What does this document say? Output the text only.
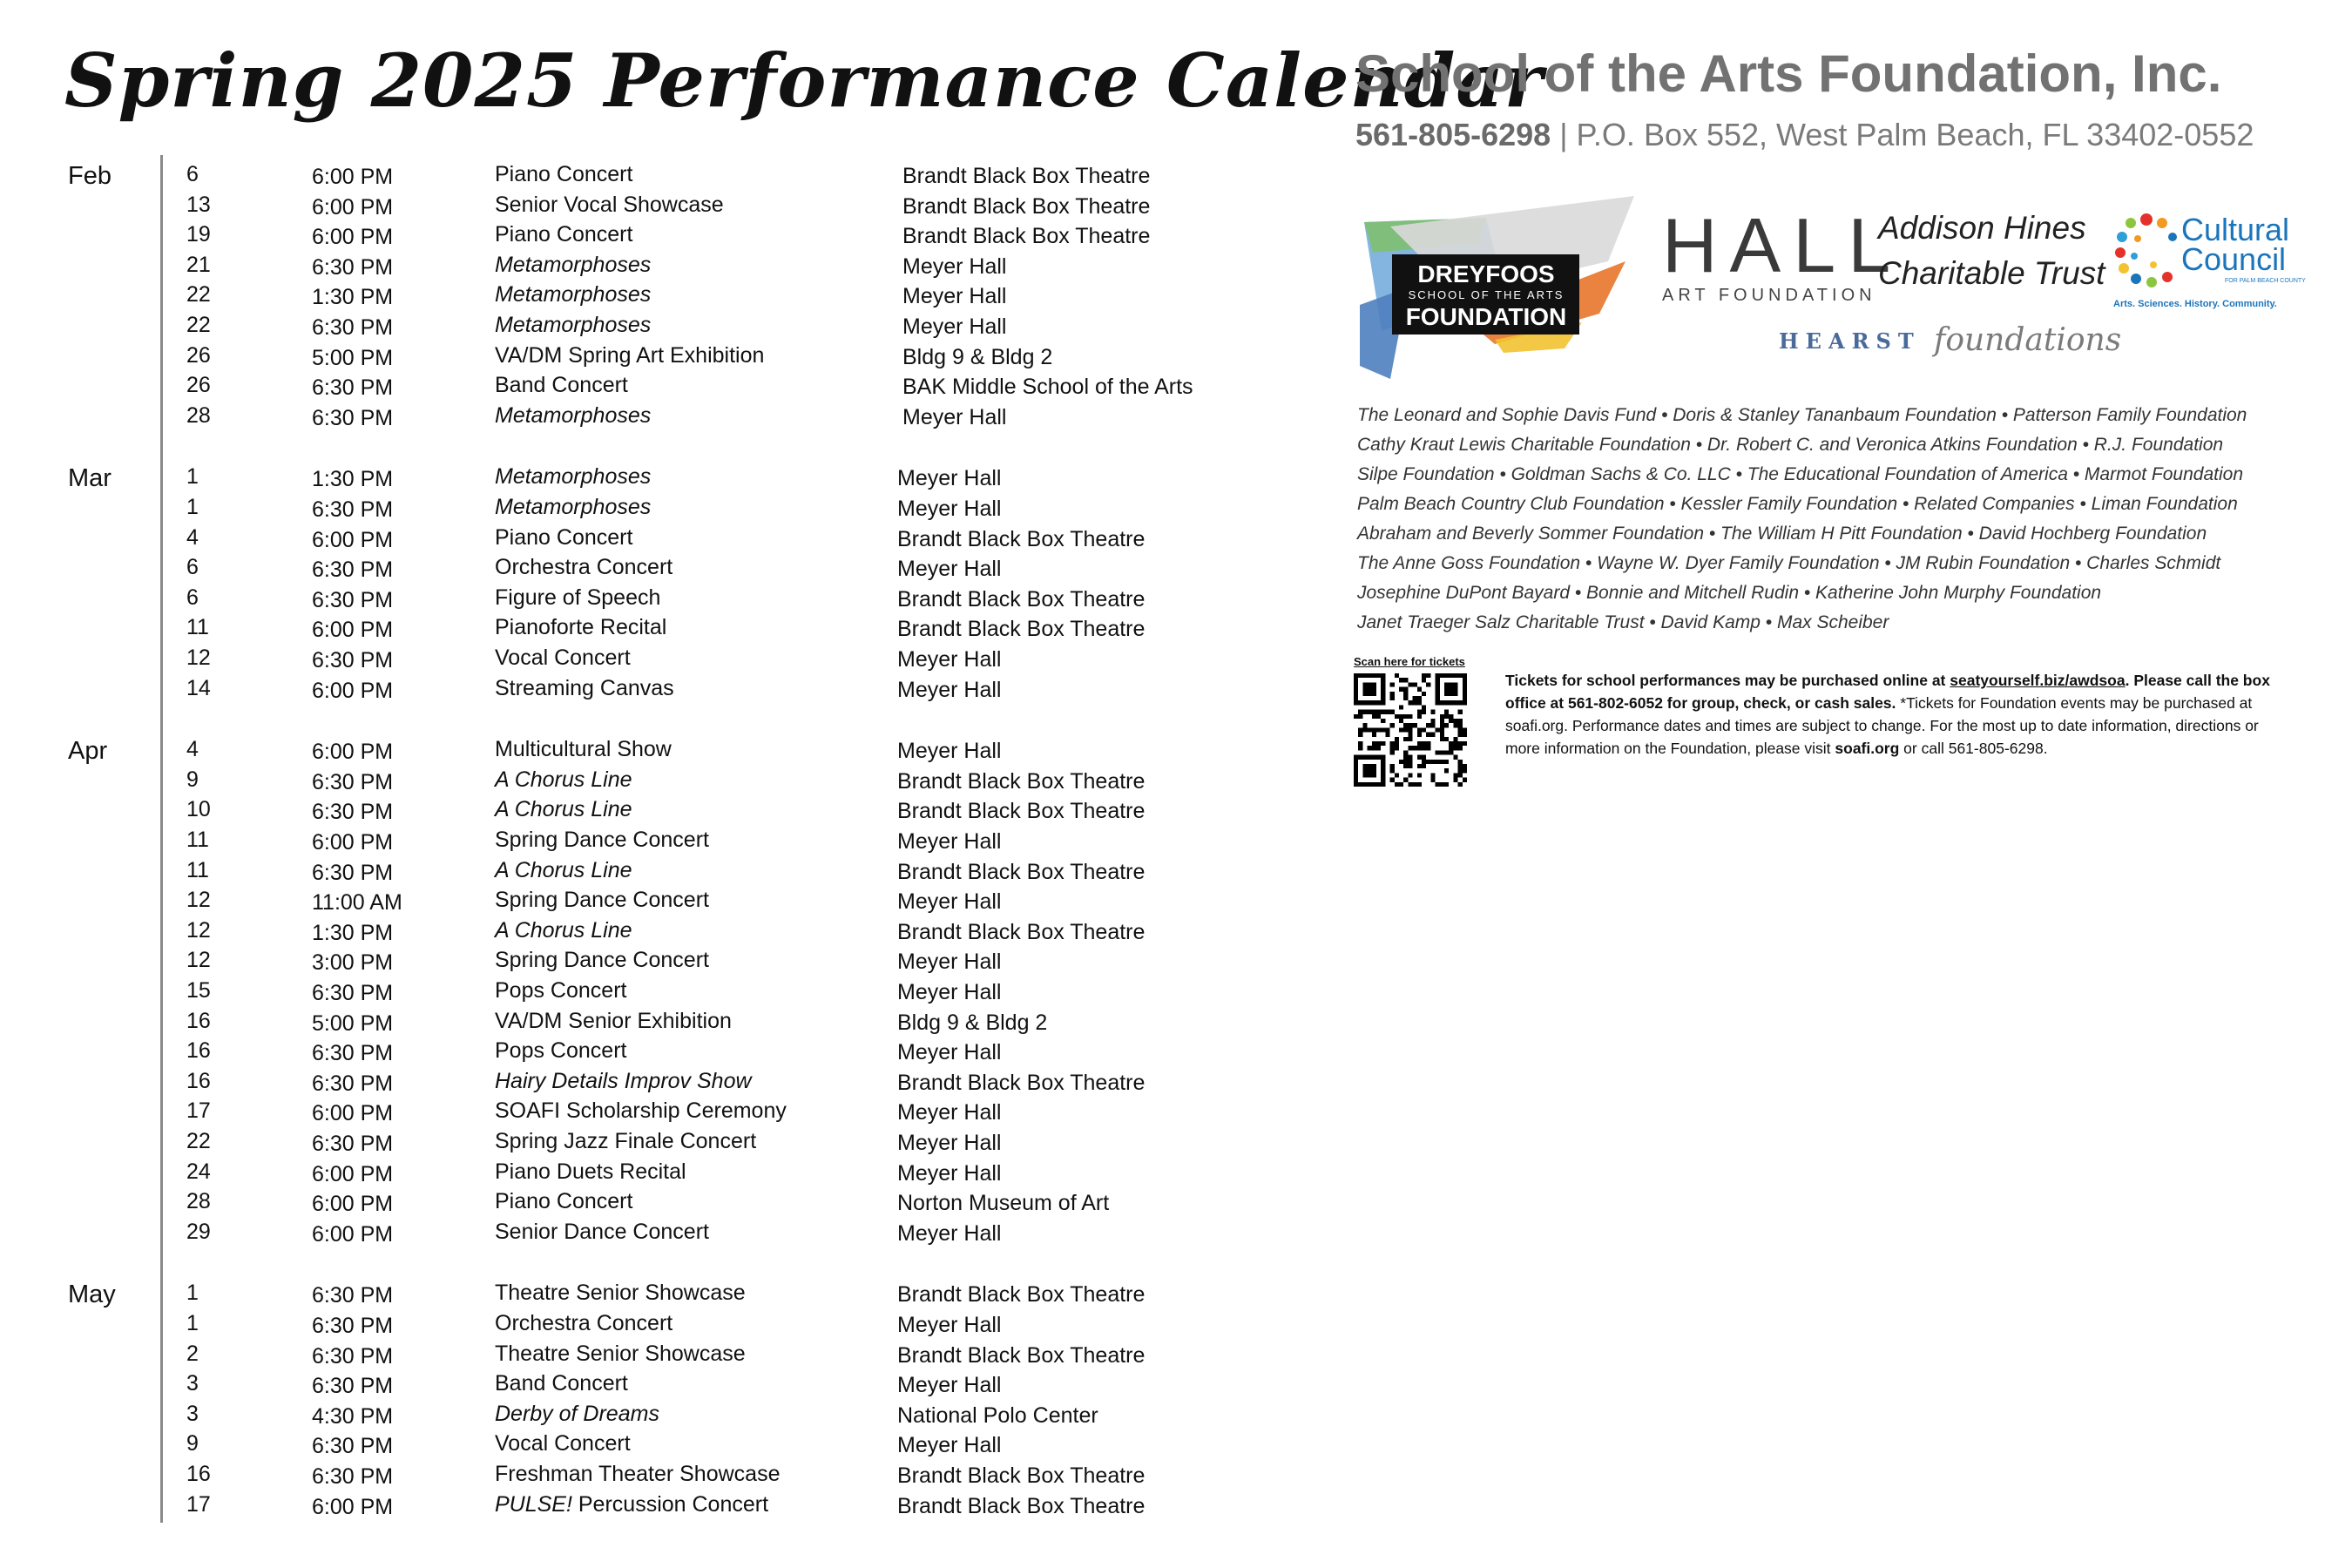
Spring 2025 Performance Calendar
Feb	6	6:00 PM	Piano Concert	Brandt Black Box Theatre
13	6:00 PM	Senior Vocal Showcase	Brandt Black Box Theatre
19	6:00 PM	Piano Concert	Brandt Black Box Theatre
21	6:30 PM	Metamorphoses	Meyer Hall
22	1:30 PM	Metamorphoses	Meyer Hall
22	6:30 PM	Metamorphoses	Meyer Hall
26	5:00 PM	VA/DM Spring Art Exhibition	Bldg 9 & Bldg 2
26	6:30 PM	Band Concert	BAK Middle School of the Arts
28	6:30 PM	Metamorphoses	Meyer Hall
Mar	1	1:30 PM	Metamorphoses	Meyer Hall
1	6:30 PM	Metamorphoses	Meyer Hall
4	6:00 PM	Piano Concert	Brandt Black Box Theatre
6	6:30 PM	Orchestra Concert	Meyer Hall
6	6:30 PM	Figure of Speech	Brandt Black Box Theatre
11	6:00 PM	Pianoforte Recital	Brandt Black Box Theatre
12	6:30 PM	Vocal Concert	Meyer Hall
14	6:00 PM	Streaming Canvas	Meyer Hall
Apr	4	6:00 PM	Multicultural Show	Meyer Hall
9	6:30 PM	A Chorus Line	Brandt Black Box Theatre
10	6:30 PM	A Chorus Line	Brandt Black Box Theatre
11	6:00 PM	Spring Dance Concert	Meyer Hall
11	6:30 PM	A Chorus Line	Brandt Black Box Theatre
12	11:00 AM	Spring Dance Concert	Meyer Hall
12	1:30 PM	A Chorus Line	Brandt Black Box Theatre
12	3:00 PM	Spring Dance Concert	Meyer Hall
15	6:30 PM	Pops Concert	Meyer Hall
16	5:00 PM	VA/DM Senior Exhibition	Bldg 9 & Bldg 2
16	6:30 PM	Pops Concert	Meyer Hall
16	6:30 PM	Hairy Details Improv Show	Brandt Black Box Theatre
17	6:00 PM	SOAFI Scholarship Ceremony	Meyer Hall
22	6:30 PM	Spring Jazz Finale Concert	Meyer Hall
24	6:00 PM	Piano Duets Recital	Meyer Hall
28	6:00 PM	Piano Concert	Norton Museum of Art
29	6:00 PM	Senior Dance Concert	Meyer Hall
May	1	6:30 PM	Theatre Senior Showcase	Brandt Black Box Theatre
1	6:30 PM	Orchestra Concert	Meyer Hall
2	6:30 PM	Theatre Senior Showcase	Brandt Black Box Theatre
3	6:30 PM	Band Concert	Meyer Hall
3	4:30 PM	Derby of Dreams	National Polo Center
9	6:30 PM	Vocal Concert	Meyer Hall
16	6:30 PM	Freshman Theater Showcase	Brandt Black Box Theatre
17	6:00 PM	PULSE! Percussion Concert	Brandt Black Box Theatre
School of the Arts Foundation, Inc.
561-805-6298 | P.O. Box 552, West Palm Beach, FL 33402-0552
DREYFOOS
SCHOOL OF THE ARTS
FOUNDATION
HALL
ART FOUNDATION
Addison Hines
Charitable Trust
Cultural
Council
FOR PALM BEACH COUNTY
Arts. Sciences. History. Community.
HEARST foundations
The Leonard and Sophie Davis Fund • Doris & Stanley Tananbaum Foundation • Patterson Family Foundation
Cathy Kraut Lewis Charitable Foundation • Dr. Robert C. and Veronica Atkins Foundation • R.J. Foundation
Silpe Foundation • Goldman Sachs & Co. LLC • The Educational Foundation of America • Marmot Foundation
Palm Beach Country Club Foundation • Kessler Family Foundation • Related Companies • Liman Foundation
Abraham and Beverly Sommer Foundation • The William H Pitt Foundation • David Hochberg Foundation
The Anne Goss Foundation • Wayne W. Dyer Family Foundation • JM Rubin Foundation • Charles Schmidt
Josephine DuPont Bayard • Bonnie and Mitchell Rudin • Katherine John Murphy Foundation
Janet Traeger Salz Charitable Trust • David Kamp • Max Scheiber
Scan here for tickets
Tickets for school performances may be purchased online at seatyourself.biz/awdsoa. Please call the box office at 561-802-6052 for group, check, or cash sales. *Tickets for Foundation events may be purchased at soafi.org. Performance dates and times are subject to change. For the most up to date information, directions or more information on the Foundation, please visit soafi.org or call 561-805-6298.
